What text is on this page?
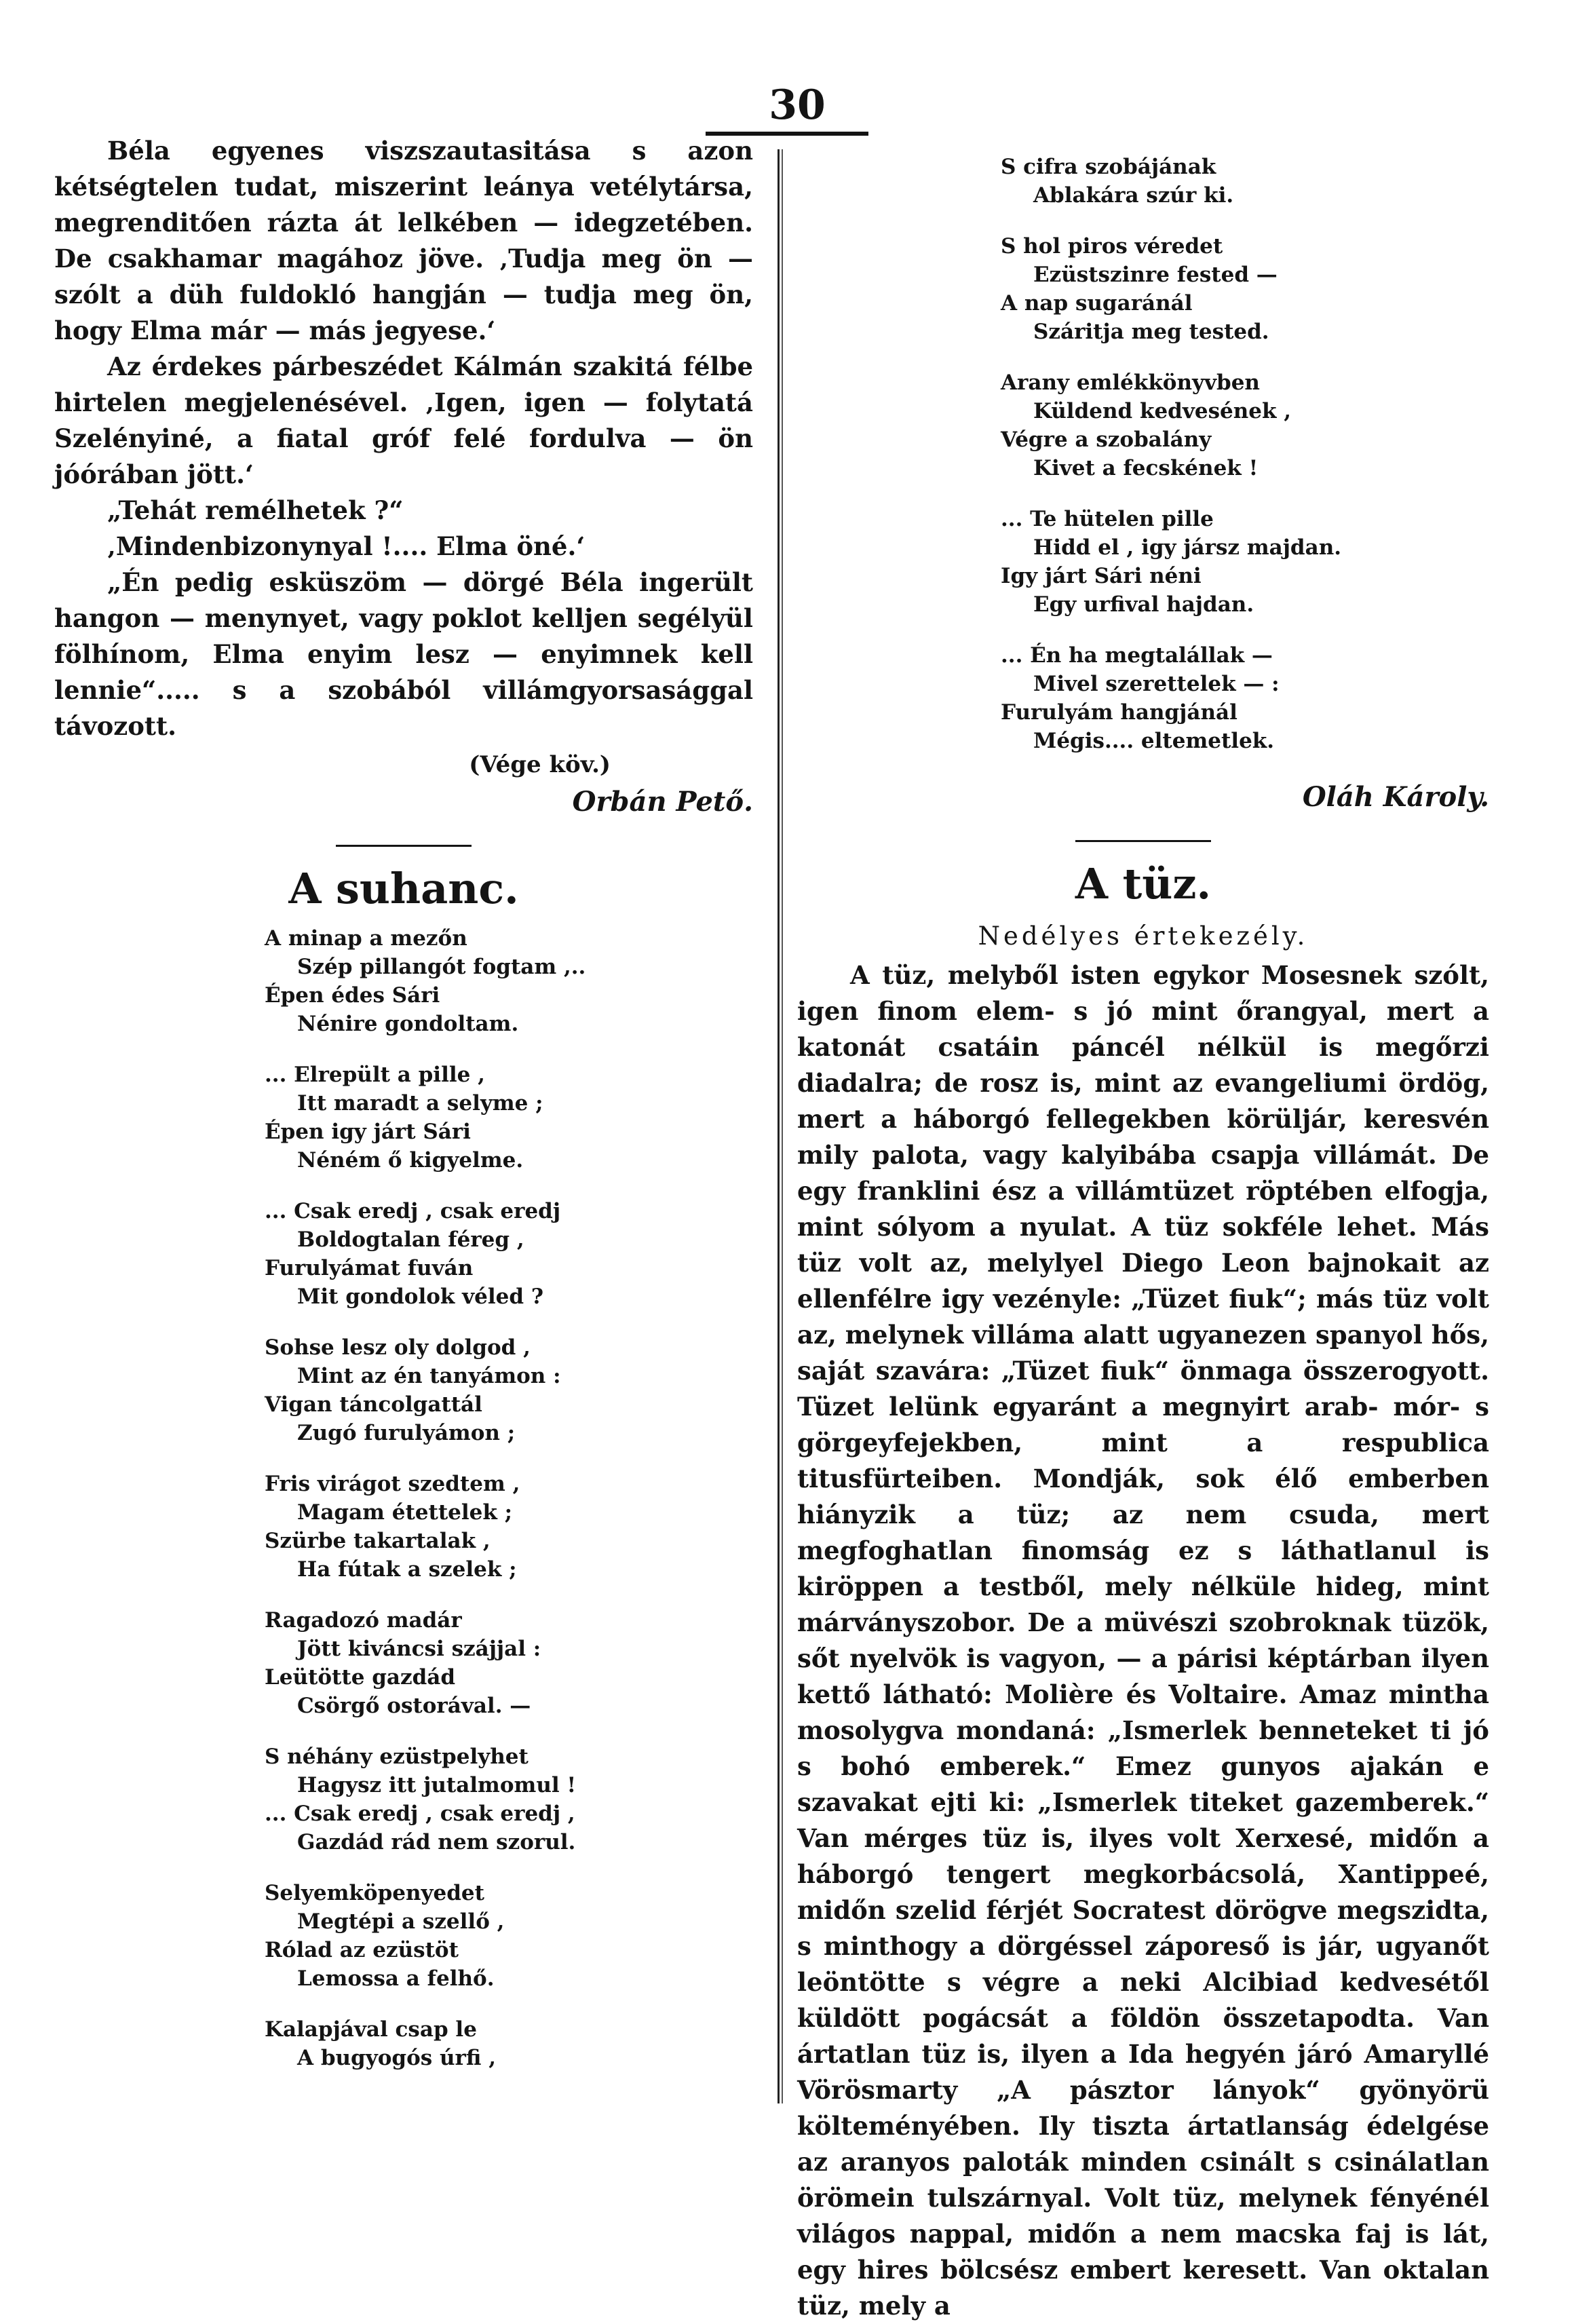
30

Béla egyenes viszszautasitása s azon kétségtelen tudat, miszerint leánya vetélytársa, megrenditően rázta át lelkében — idegzetében. De csakhamar magához jöve. ‚Tudja meg ön — szólt a düh fuldokló hangján — tudja meg ön, hogy Elma már — más jegyese.‘

Az érdekes párbeszédet Kálmán szakitá félbe hirtelen megjelenésével. ‚Igen, igen — folytatá Szelényiné, a fiatal gróf felé fordulva — ön jóórában jött.‘

„Tehát remélhetek ?“

‚Mindenbizonynyal !.... Elma öné.‘

„Én pedig esküszöm — dörgé Béla ingerült hangon — menynyet, vagy poklot kelljen segélyül fölhínom, Elma enyim lesz — enyimnek kell lennie“..... s a szobából villámgyorsasággal távozott.

(Vége köv.)
Orbán Pető.
A suhanc.
A minap a mezőn
Szép pillangót fogtam ,..
Épen édes Sári
Nénire gondoltam.
... Elrepült a pille ,
Itt maradt a selyme ;
Épen igy járt Sári
Néném ő kigyelme.
... Csak eredj , csak eredj
Boldogtalan féreg ,
Furulyámat fuván
Mit gondolok véled ?
Sohse lesz oly dolgod ,
Mint az én tanyámon :
Vigan táncolgattál
Zugó furulyámon ;
Fris virágot szedtem ,
Magam étettelek ;
Szürbe takartalak ,
Ha fútak a szelek ;
Ragadozó madár
Jött kiváncsi szájjal :
Leütötte gazdád
Csörgő ostorával. —
S néhány ezüstpelyhet
Hagysz itt jutalmomul !
... Csak eredj , csak eredj ,
Gazdád rád nem szorul.
Selyemköpenyedet
Megtépi a szellő ,
Rólad az ezüstöt
Lemossa a felhő.
Kalapjával csap le
A bugyogós úrfi ,
S cifra szobájának
Ablakára szúr ki.
S hol piros véredet
Ezüstszinre fested —
A nap sugaránál
Száritja meg tested.
Arany emlékkönyvben
Küldend kedvesének ,
Végre a szobalány
Kivet a fecskének !
... Te hütelen pille
Hidd el , igy jársz majdan.
Igy járt Sári néni
Egy urfival hajdan.
... Én ha megtalállak —
Mivel szerettelek — :
Furulyám hangjánál
Mégis.... eltemetlek.
Oláh Károly.
A tüz.
Nedélyes értekezély.

A tüz, melyből isten egykor Mosesnek szólt, igen finom elem- s jó mint őrangyal, mert a katonát csatáin páncél nélkül is megőrzi diadalra; de rosz is, mint az evangeliumi ördög, mert a háborgó fellegekben körüljár, keresvén mily palota, vagy kalyibába csapja villámát. De egy franklini ész a villámtüzet röptében elfogja, mint sólyom a nyulat. A tüz sokféle lehet. Más tüz volt az, melylyel Diego Leon bajnokait az ellenfélre igy vezényle: „Tüzet fiuk“; más tüz volt az, melynek villáma alatt ugyanezen spanyol hős, saját szavára: „Tüzet fiuk“ önmaga összerogyott. Tüzet lelünk egyaránt a megnyirt arab- mór- s görgeyfejekben, mint a respublica titusfürteiben. Mondják, sok élő emberben hiányzik a tüz; az nem csuda, mert megfoghatlan finomság ez s láthatlanul is kiröppen a testből, mely nélküle hideg, mint márványszobor. De a müvészi szobroknak tüzök, sőt nyelvök is vagyon, — a párisi képtárban ilyen kettő látható: Molière és Voltaire. Amaz mintha mosolygva mondaná: „Ismerlek benneteket ti jó s bohó emberek.“ Emez gunyos ajakán e szavakat ejti ki: „Ismerlek titeket gazemberek.“ Van mérges tüz is, ilyes volt Xerxesé, midőn a háborgó tengert megkorbácsolá, Xantippeé, midőn szelid férjét Socratest dörögve megszidta, s minthogy a dörgéssel záporeső is jár, ugyanőt leöntötte s végre a neki Alcibiad kedvesétől küldött pogácsát a földön összetapodta. Van ártatlan tüz is, ilyen a Ida hegyén járó Amaryllé Vörösmarty „A pásztor lányok“ gyönyörü költeményében. Ily tiszta ártatlanság édelgése az aranyos paloták minden csinált s csinálatlan örömein tulszárnyal. Volt tüz, melynek fényénél világos nappal, midőn a nem macska faj is lát, egy hires bölcsész embert keresett. Van oktalan tüz, mely a
